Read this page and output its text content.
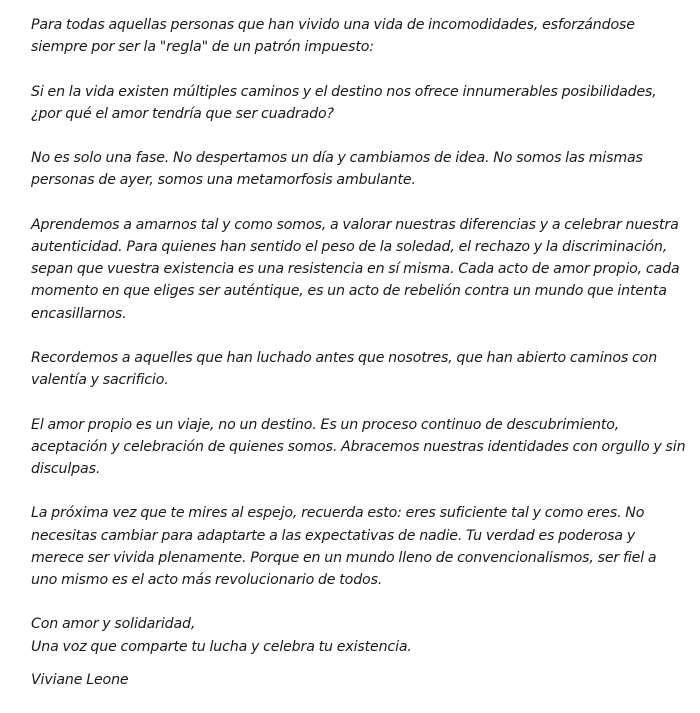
Para todas aquellas personas que han vivido una vida de incomodidades, esforzándose
siempre por ser la "regla" de un patrón impuesto:

Si en la vida existen múltiples caminos y el destino nos ofrece innumerables posibilidades,
¿por qué el amor tendría que ser cuadrado?

No es solo una fase. No despertamos un día y cambiamos de idea. No somos las mismas
personas de ayer, somos una metamorfosis ambulante.

Aprendemos a amarnos tal y como somos, a valorar nuestras diferencias y a celebrar nuestra
autenticidad. Para quienes han sentido el peso de la soledad, el rechazo y la discriminación,
sepan que vuestra existencia es una resistencia en sí misma. Cada acto de amor propio, cada
momento en que eliges ser auténtique, es un acto de rebelión contra un mundo que intenta
encasillarnos.

Recordemos a aquelles que han luchado antes que nosotres, que han abierto caminos con
valentía y sacrificio.

El amor propio es un viaje, no un destino. Es un proceso continuo de descubrimiento,
aceptación y celebración de quienes somos. Abracemos nuestras identidades con orgullo y sin
disculpas.

La próxima vez que te mires al espejo, recuerda esto: eres suficiente tal y como eres. No
necesitas cambiar para adaptarte a las expectativas de nadie. Tu verdad es poderosa y
merece ser vivida plenamente. Porque en un mundo lleno de convencionalismos, ser fiel a
uno mismo es el acto más revolucionario de todos.

Con amor y solidaridad,
Una voz que comparte tu lucha y celebra tu existencia.

Viviane Leone
